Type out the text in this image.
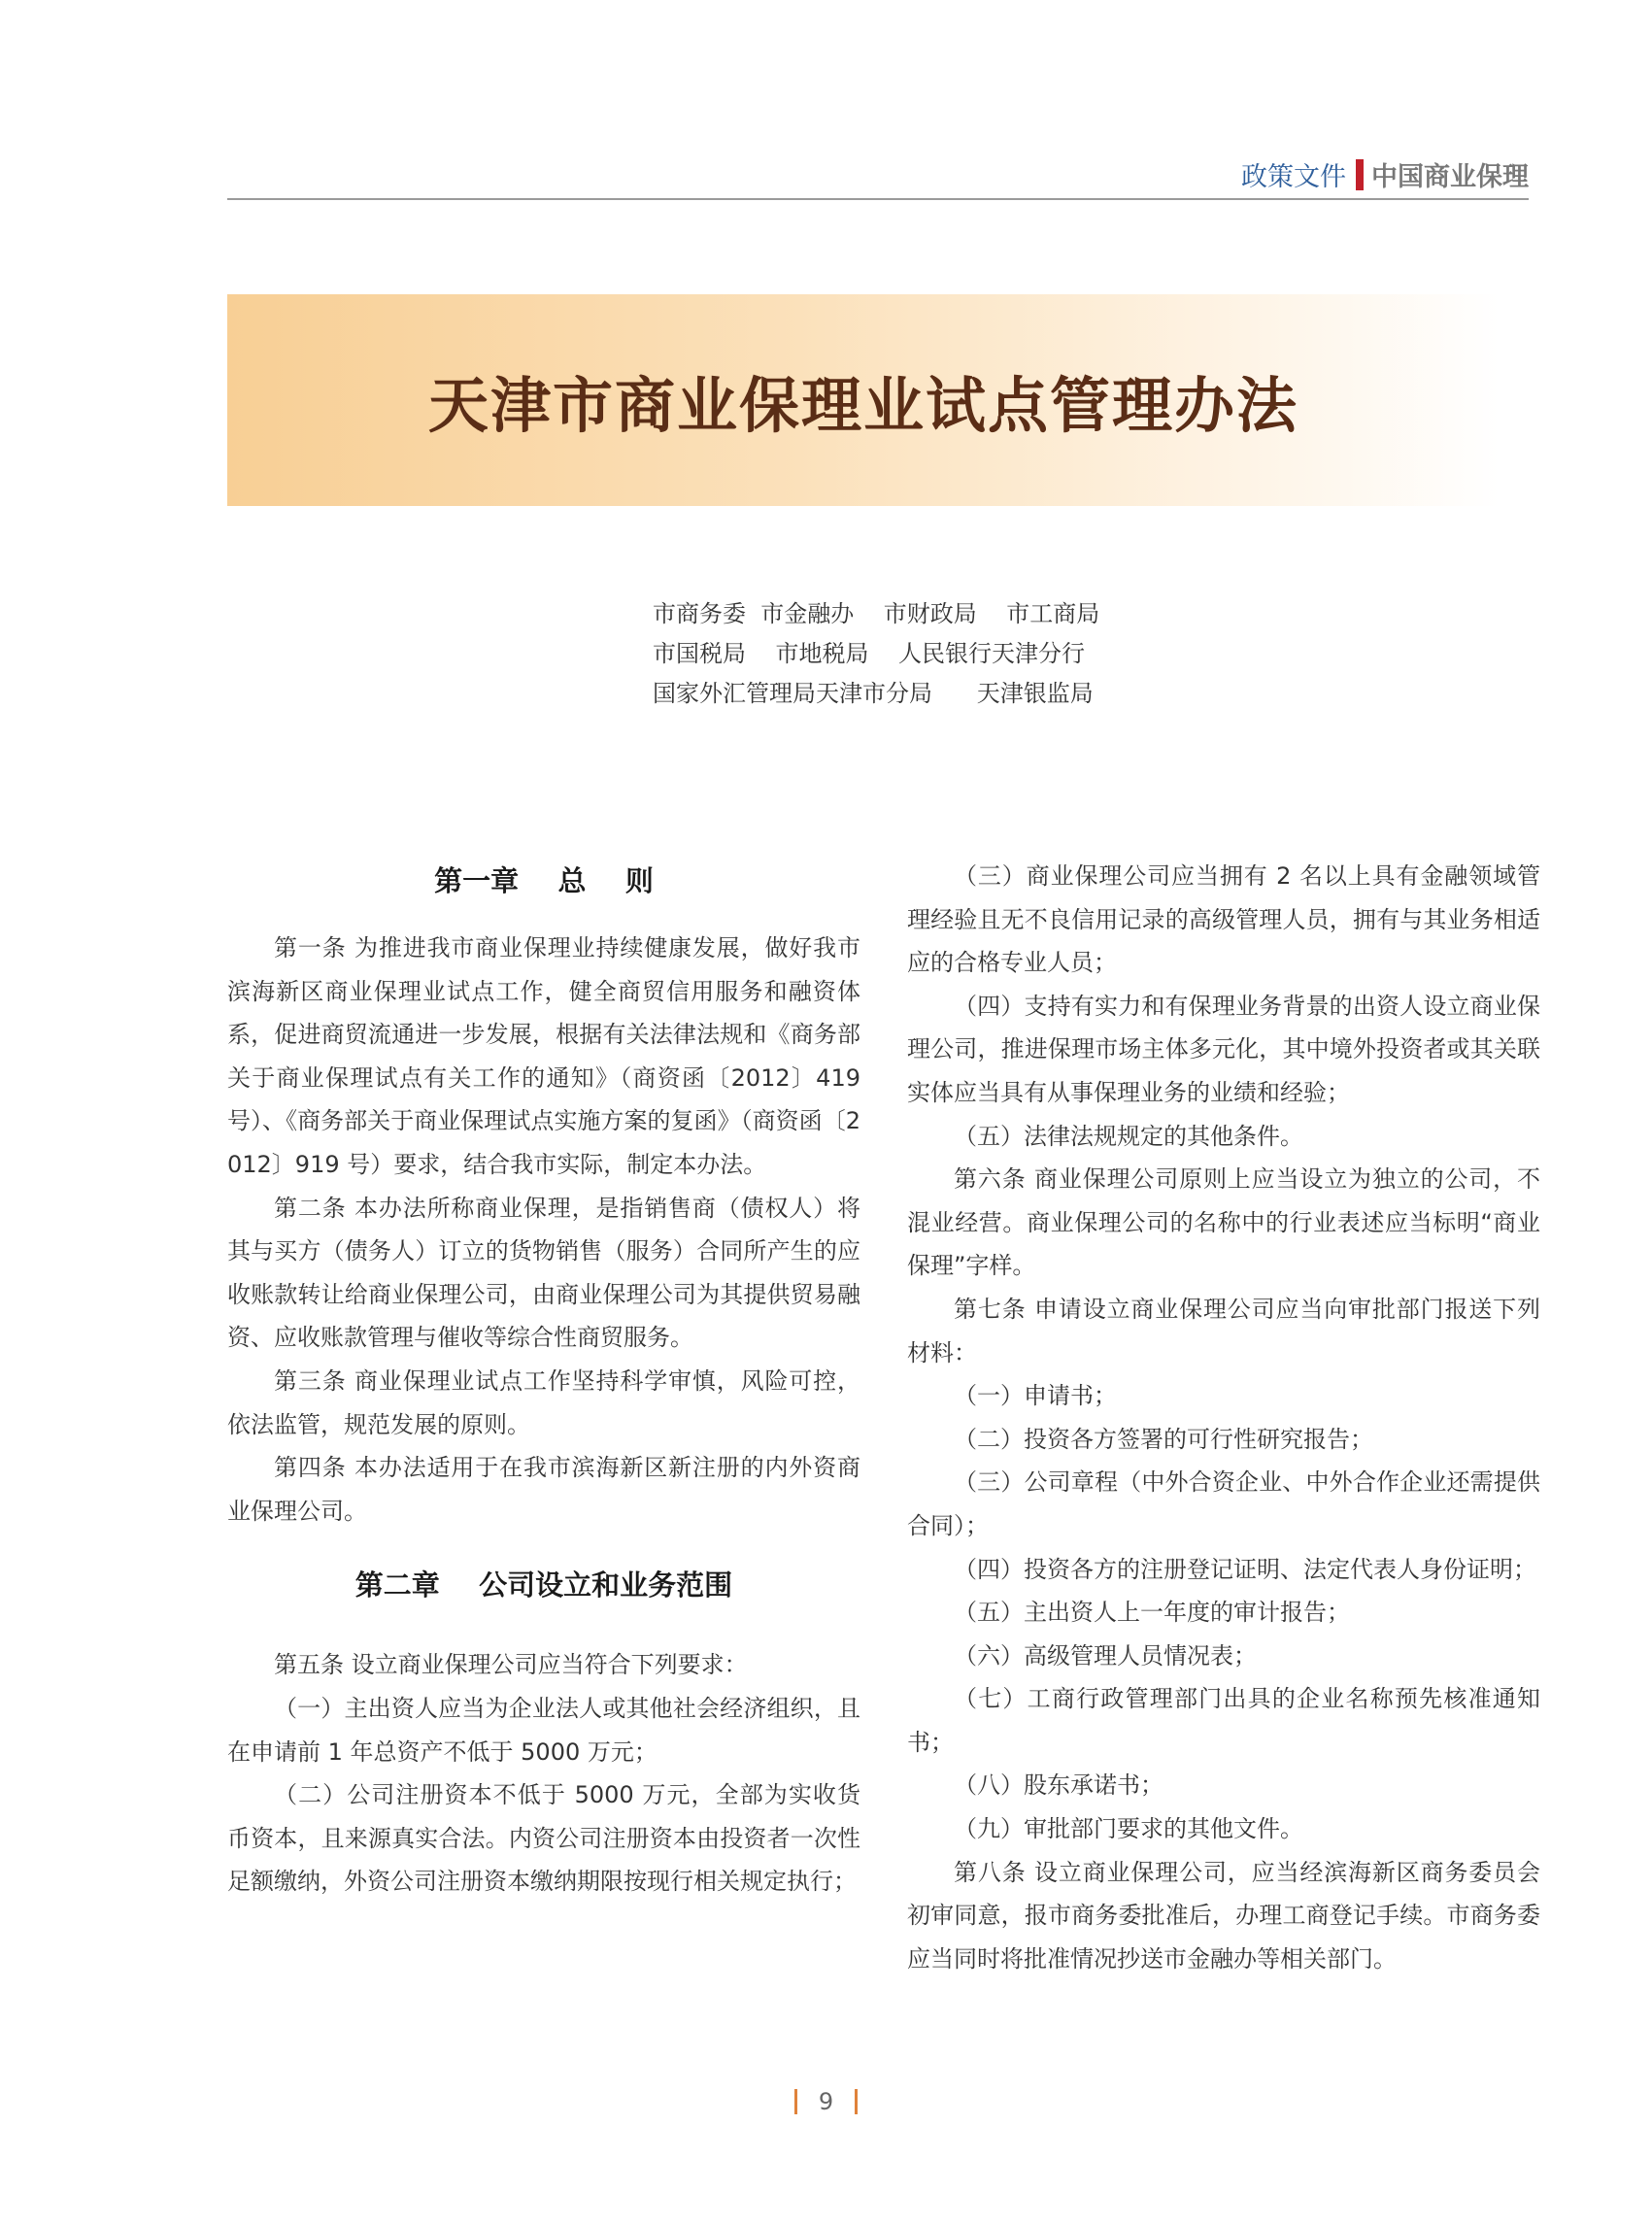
政策文件 中国商业保理
天津市商业保理业试点管理办法
市商务委  市金融办    市财政局    市工商局
市国税局    市地税局    人民银行天津分行
国家外汇管理局天津市分局      天津银监局
第一章    总    则

第一条 为推进我市商业保理业持续健康发展，做好我市滨海新区商业保理业试点工作，健全商贸信用服务和融资体系，促进商贸流通进一步发展，根据有关法律法规和《商务部关于商业保理试点有关工作的通知》（商资函〔2012〕419 号）、《商务部关于商业保理试点实施方案的复函》（商资函〔2012〕919 号）要求，结合我市实际，制定本办法。

第二条 本办法所称商业保理，是指销售商（债权人）将其与买方（债务人）订立的货物销售（服务）合同所产生的应收账款转让给商业保理公司，由商业保理公司为其提供贸易融资、应收账款管理与催收等综合性商贸服务。

第三条 商业保理业试点工作坚持科学审慎，风险可控，依法监管，规范发展的原则。

第四条 本办法适用于在我市滨海新区新注册的内外资商业保理公司。

第二章    公司设立和业务范围

第五条 设立商业保理公司应当符合下列要求：

（一）主出资人应当为企业法人或其他社会经济组织，且在申请前 1 年总资产不低于 5000 万元；

（二）公司注册资本不低于 5000 万元，全部为实收货币资本，且来源真实合法。内资公司注册资本由投资者一次性足额缴纳，外资公司注册资本缴纳期限按现行相关规定执行；

（三）商业保理公司应当拥有 2 名以上具有金融领域管理经验且无不良信用记录的高级管理人员，拥有与其业务相适应的合格专业人员；

（四）支持有实力和有保理业务背景的出资人设立商业保理公司，推进保理市场主体多元化，其中境外投资者或其关联实体应当具有从事保理业务的业绩和经验；

（五）法律法规规定的其他条件。

第六条 商业保理公司原则上应当设立为独立的公司，不混业经营。商业保理公司的名称中的行业表述应当标明“商业保理”字样。

第七条 申请设立商业保理公司应当向审批部门报送下列材料：

（一）申请书；

（二）投资各方签署的可行性研究报告；

（三）公司章程（中外合资企业、中外合作企业还需提供合同）；

（四）投资各方的注册登记证明、法定代表人身份证明；

（五）主出资人上一年度的审计报告；

（六）高级管理人员情况表；

（七）工商行政管理部门出具的企业名称预先核准通知书；

（八）股东承诺书；

（九）审批部门要求的其他文件。

第八条 设立商业保理公司，应当经滨海新区商务委员会初审同意，报市商务委批准后，办理工商登记手续。市商务委应当同时将批准情况抄送市金融办等相关部门。

9
